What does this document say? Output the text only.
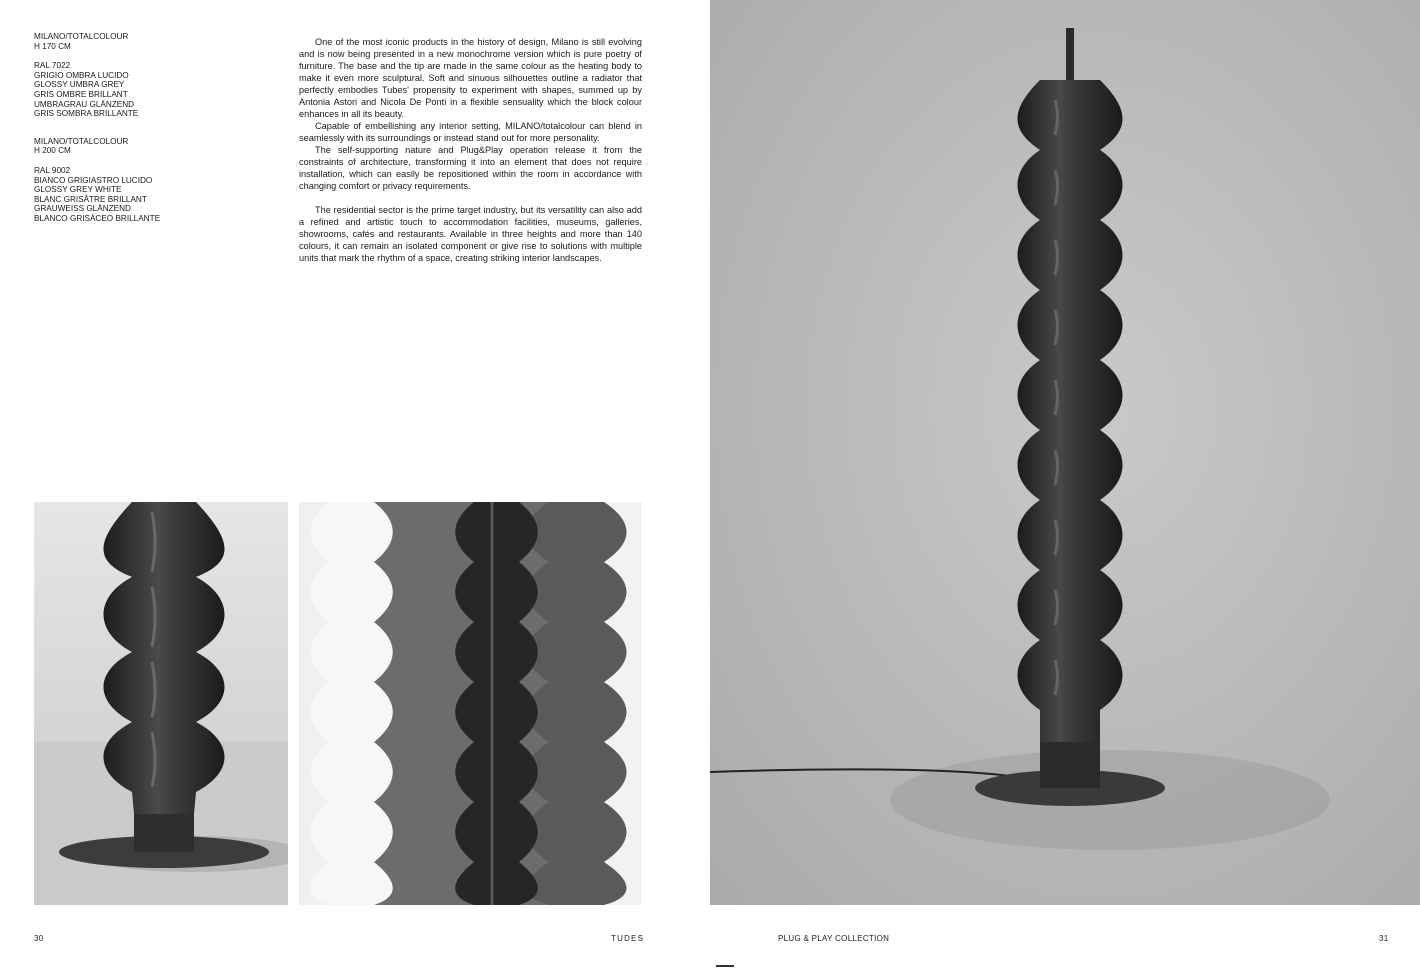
MILANO/TOTALCOLOUR

H 170 CM

RAL 7022

GRIGIO OMBRA LUCIDO

GLOSSY UMBRA GREY

GRIS OMBRE BRILLANT

UMBRAGRAU GLÄNZEND

GRIS SOMBRA BRILLANTE

MILANO/TOTALCOLOUR

H 200 CM

RAL 9002

BIANCO GRIGIASTRO LUCIDO

GLOSSY GREY WHITE

BLANC GRISÂTRE BRILLANT

GRAUWEISS GLÄNZEND

BLANCO GRISÁCEO BRILLANTE

One of the most iconic products in the history of design, Milano is still evolving and is now being presented in a new monochrome version which is pure poetry of furniture. The base and the tip are made in the same colour as the heating body to make it even more sculptural. Soft and sinuous silhouettes outline a radiator that perfectly embodies Tubes' propensity to experiment with shapes, summed up by Antonia Astori and Nicola De Ponti in a flexible sensuality which the block colour enhances in all its beauty.

Capable of embellishing any interior setting, MILANO/totalcolour can blend in seamlessly with its surroundings or instead stand out for more personality.

The self-supporting nature and Plug&Play operation release it from the constraints of architecture, transforming it into an element that does not require installation, which can easily be repositioned within the room in accordance with changing comfort or privacy requirements.

The residential sector is the prime target industry, but its versatility can also add a refined and artistic touch to accommodation facilities, museums, galleries, showrooms, cafés and restaurants. Available in three heights and more than 140 colours, it can remain an isolated component or give rise to solutions with multiple units that mark the rhythm of a space, creating striking interior landscapes.

30	TUDES	PLUG & PLAY COLLECTION	31
